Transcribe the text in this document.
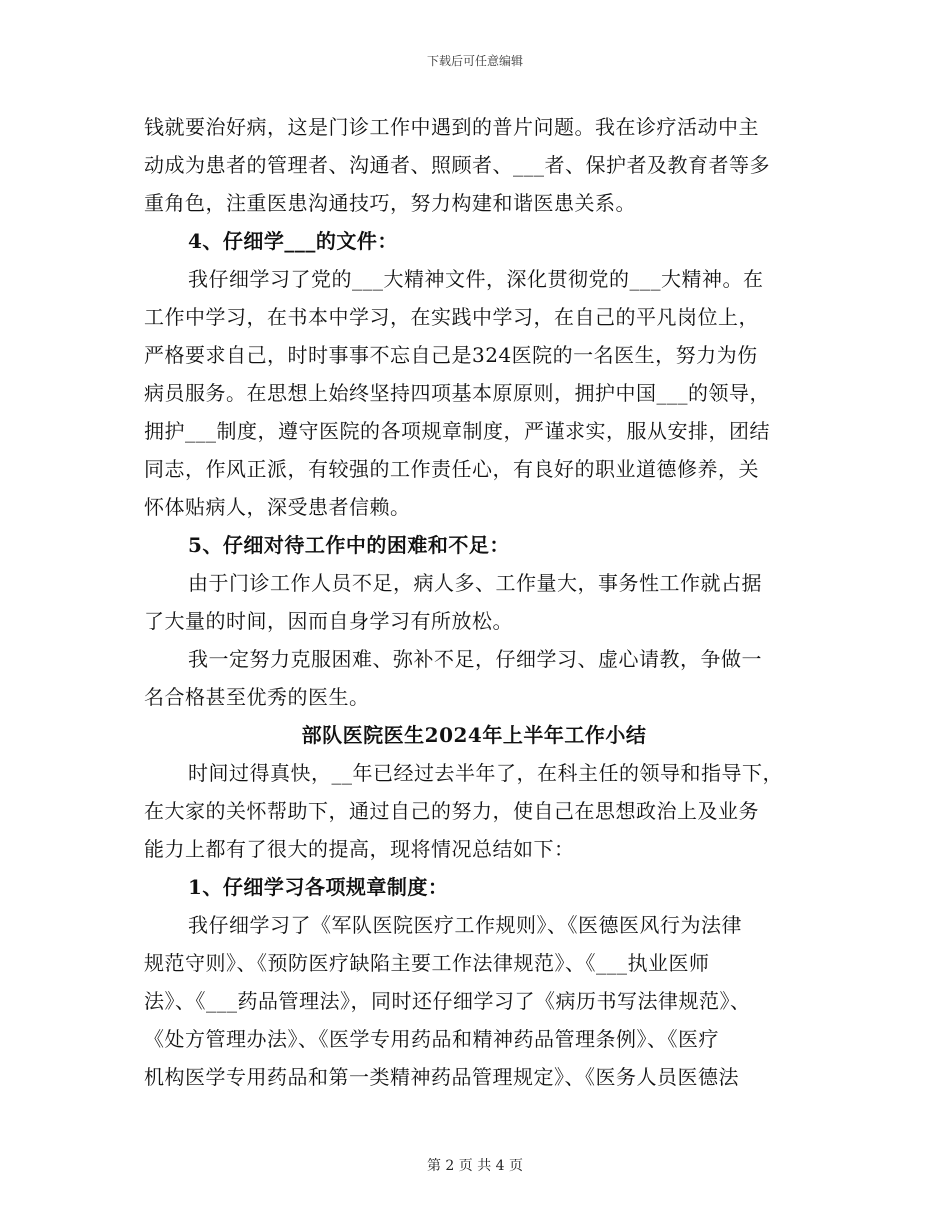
下载后可任意编辑
钱就要治好病，这是门诊工作中遇到的普片问题。我在诊疗活动中主
动成为患者的管理者、沟通者、照顾者、___者、保护者及教育者等多
重角色，注重医患沟通技巧，努力构建和谐医患关系。
4、仔细学___的文件：
我仔细学习了党的___大精神文件，深化贯彻党的___大精神。在
工作中学习，在书本中学习，在实践中学习，在自己的平凡岗位上，
严格要求自己，时时事事不忘自己是324医院的一名医生，努力为伤
病员服务。在思想上始终坚持四项基本原原则，拥护中国___的领导，
拥护___制度，遵守医院的各项规章制度，严谨求实，服从安排，团结
同志，作风正派，有较强的工作责任心，有良好的职业道德修养，关
怀体贴病人，深受患者信赖。
5、仔细对待工作中的困难和不足：
由于门诊工作人员不足，病人多、工作量大，事务性工作就占据
了大量的时间，因而自身学习有所放松。
我一定努力克服困难、弥补不足，仔细学习、虚心请教，争做一
名合格甚至优秀的医生。
部队医院医生2024年上半年工作小结
时间过得真快，__年已经过去半年了，在科主任的领导和指导下，
在大家的关怀帮助下，通过自己的努力，使自己在思想政治上及业务
能力上都有了很大的提高，现将情况总结如下：
1、仔细学习各项规章制度：
我仔细学习了《军队医院医疗工作规则》、《医德医风行为法律
规范守则》、《预防医疗缺陷主要工作法律规范》、《___执业医师
法》、《___药品管理法》，同时还仔细学习了《病历书写法律规范》、
《处方管理办法》、《医学专用药品和精神药品管理条例》、《医疗
机构医学专用药品和第一类精神药品管理规定》、《医务人员医德法
第 2 页 共 4 页
